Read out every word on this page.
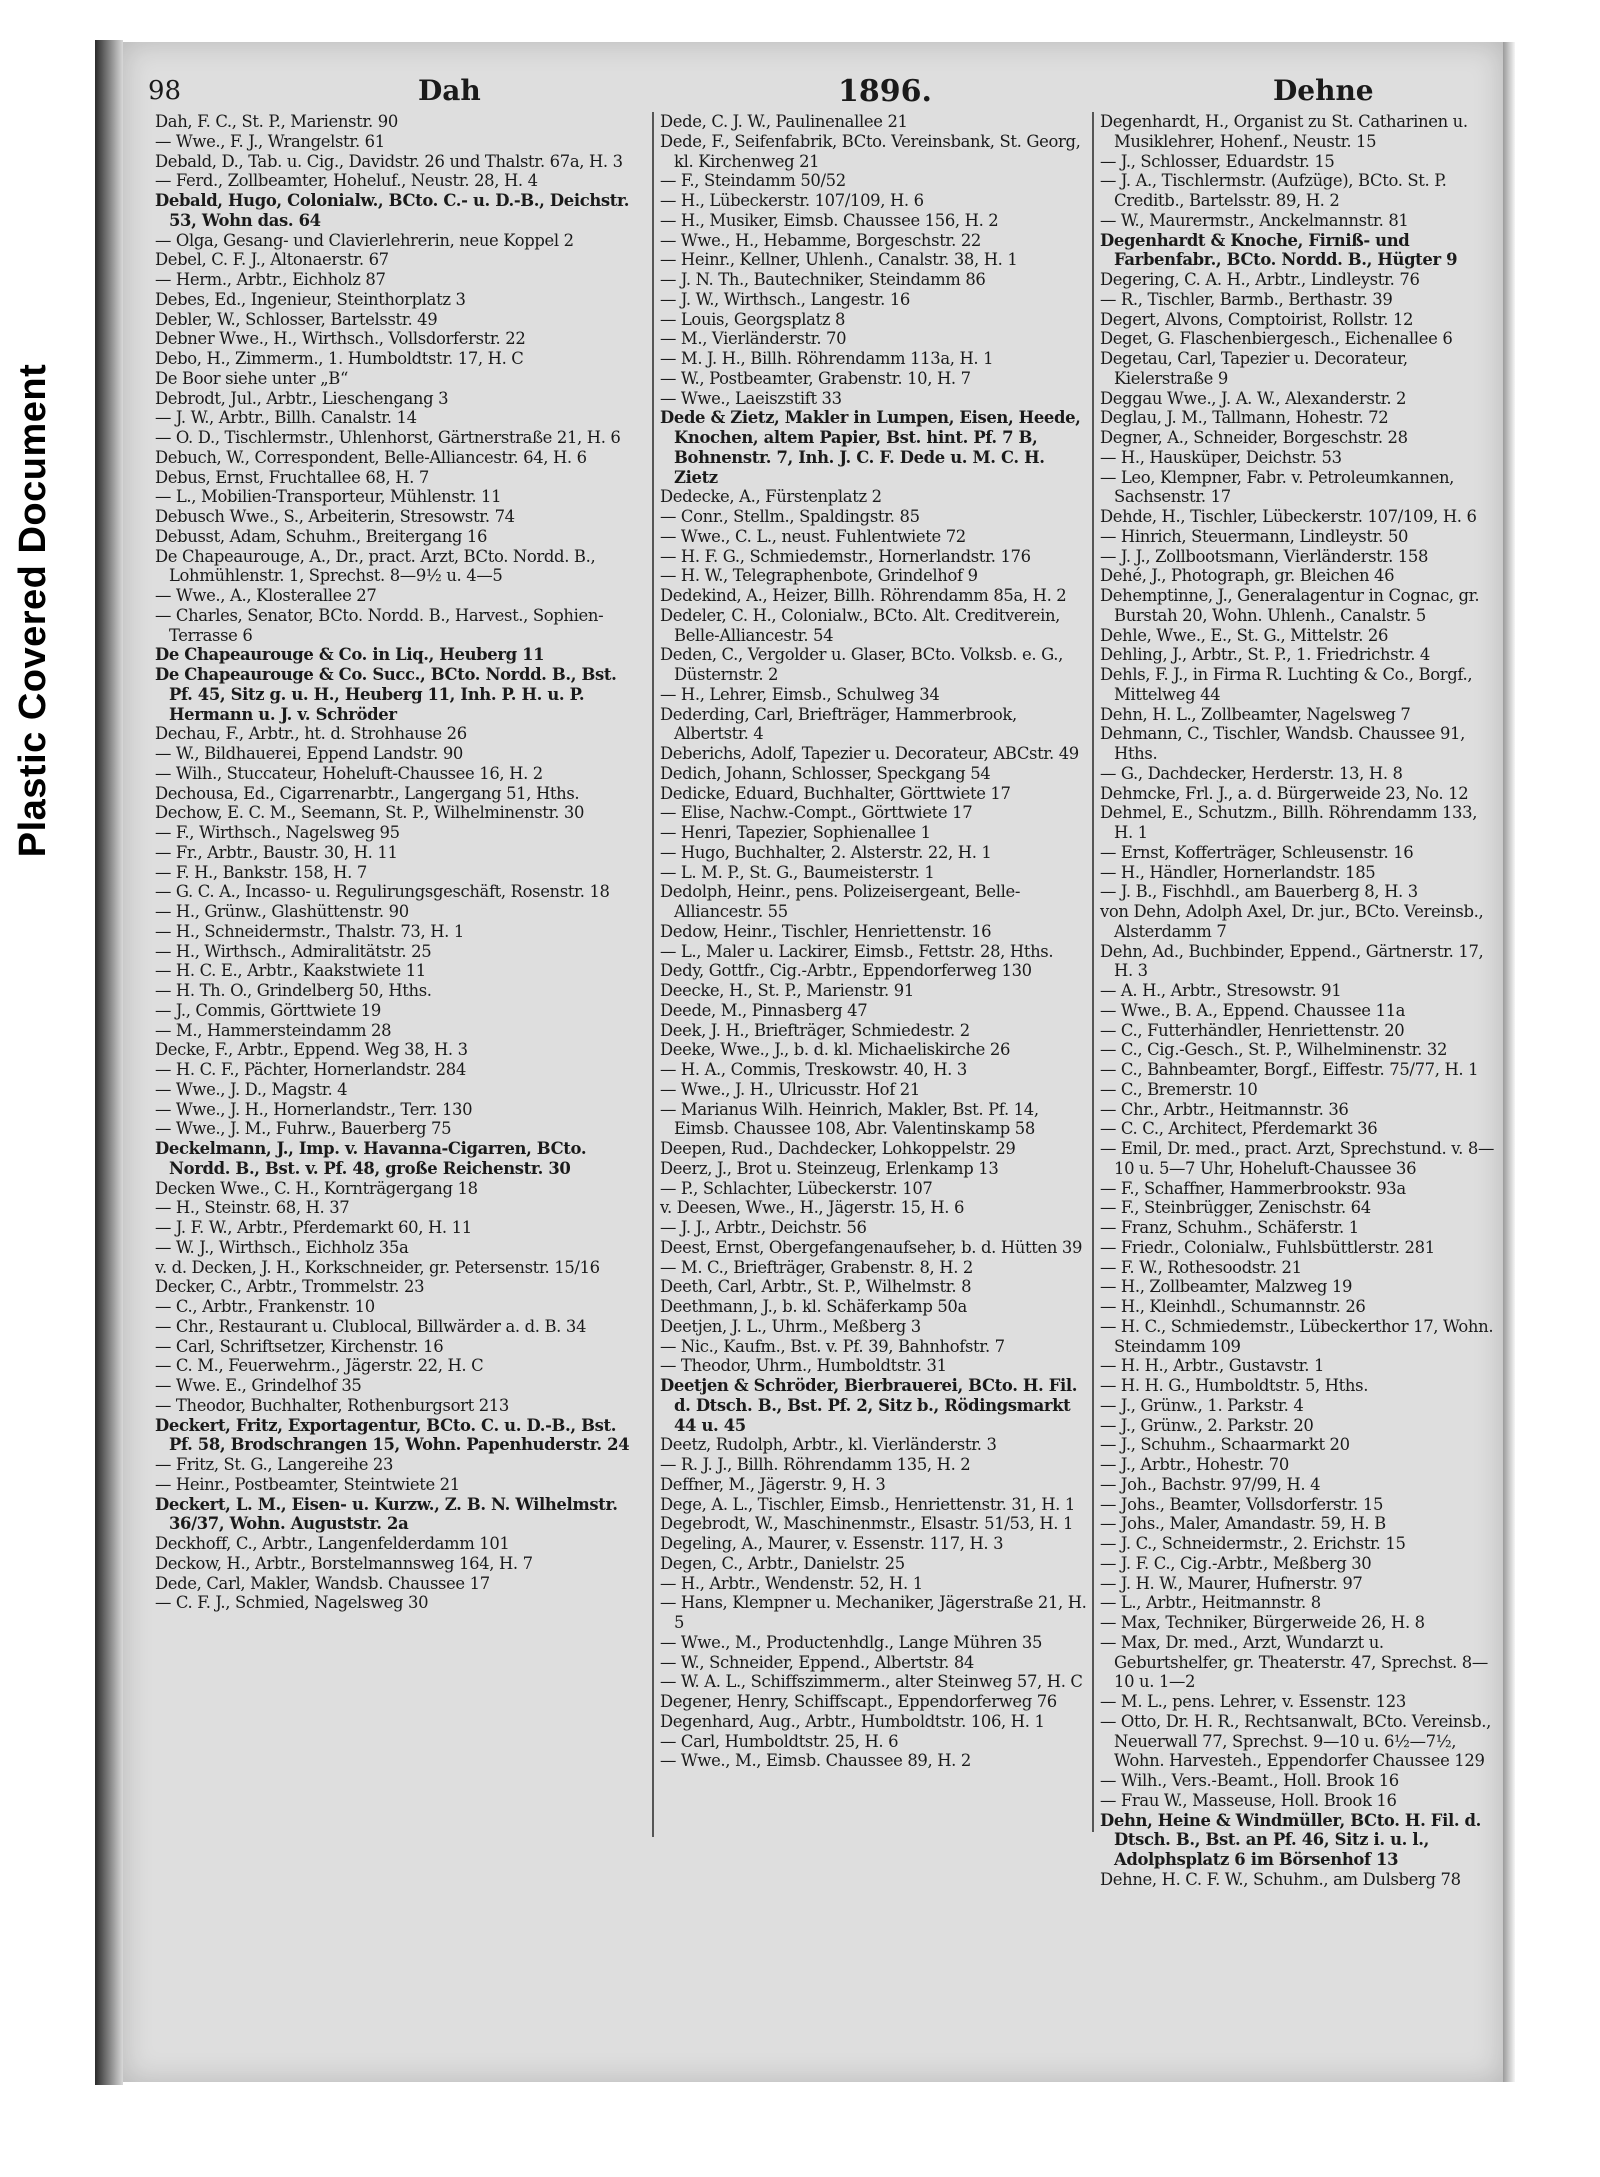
Plastic Covered Document
98	Dah	1896.	Dehne

Dah, F. C., St. P., Marienstr. 90

— Wwe., F. J., Wrangelstr. 61

Debald, D., Tab. u. Cig., Davidstr. 26 und Thalstr. 67a, H. 3

— Ferd., Zollbeamter, Hoheluf., Neustr. 28, H. 4

Debald, Hugo, Colonialw., BCto. C.- u. D.-B., Deichstr. 53, Wohn das. 64

— Olga, Gesang- und Clavierlehrerin, neue Koppel 2

Debel, C. F. J., Altonaerstr. 67

— Herm., Arbtr., Eichholz 87

Debes, Ed., Ingenieur, Steinthorplatz 3

Debler, W., Schlosser, Bartelsstr. 49

Debner Wwe., H., Wirthsch., Vollsdorferstr. 22

Debo, H., Zimmerm., 1. Humboldtstr. 17, H. C

De Boor siehe unter „B“

Debrodt, Jul., Arbtr., Lieschengang 3

— J. W., Arbtr., Billh. Canalstr. 14

— O. D., Tischlermstr., Uhlenhorst, Gärtnerstraße 21, H. 6

Debuch, W., Correspondent, Belle-Alliancestr. 64, H. 6

Debus, Ernst, Fruchtallee 68, H. 7

— L., Mobilien-Transporteur, Mühlenstr. 11

Debusch Wwe., S., Arbeiterin, Stresowstr. 74

Debusst, Adam, Schuhm., Breitergang 16

De Chapeaurouge, A., Dr., pract. Arzt, BCto. Nordd. B., Lohmühlenstr. 1, Sprechst. 8—9½ u. 4—5

— Wwe., A., Klosterallee 27

— Charles, Senator, BCto. Nordd. B., Harvest., Sophien-Terrasse 6

De Chapeaurouge & Co. in Liq., Heuberg 11

De Chapeaurouge & Co. Succ., BCto. Nordd. B., Bst. Pf. 45, Sitz g. u. H., Heuberg 11, Inh. P. H. u. P. Hermann u. J. v. Schröder

Dechau, F., Arbtr., ht. d. Strohhause 26

— W., Bildhauerei, Eppend Landstr. 90

— Wilh., Stuccateur, Hoheluft-Chaussee 16, H. 2

Dechousa, Ed., Cigarrenarbtr., Langergang 51, Hths.

Dechow, E. C. M., Seemann, St. P., Wilhelminenstr. 30

— F., Wirthsch., Nagelsweg 95

— Fr., Arbtr., Baustr. 30, H. 11

— F. H., Bankstr. 158, H. 7

— G. C. A., Incasso- u. Regulirungsgeschäft, Rosenstr. 18

— H., Grünw., Glashüttenstr. 90

— H., Schneidermstr., Thalstr. 73, H. 1

— H., Wirthsch., Admiralitätstr. 25

— H. C. E., Arbtr., Kaakstwiete 11

— H. Th. O., Grindelberg 50, Hths.

— J., Commis, Görttwiete 19

— M., Hammersteindamm 28

Decke, F., Arbtr., Eppend. Weg 38, H. 3

— H. C. F., Pächter, Hornerlandstr. 284

— Wwe., J. D., Magstr. 4

— Wwe., J. H., Hornerlandstr., Terr. 130

— Wwe., J. M., Fuhrw., Bauerberg 75

Deckelmann, J., Imp. v. Havanna-Cigarren, BCto. Nordd. B., Bst. v. Pf. 48, große Reichenstr. 30

Decken Wwe., C. H., Kornträgergang 18

— H., Steinstr. 68, H. 37

— J. F. W., Arbtr., Pferdemarkt 60, H. 11

— W. J., Wirthsch., Eichholz 35a

v. d. Decken, J. H., Korkschneider, gr. Petersenstr. 15/16

Decker, C., Arbtr., Trommelstr. 23

— C., Arbtr., Frankenstr. 10

— Chr., Restaurant u. Clublocal, Billwärder a. d. B. 34

— Carl, Schriftsetzer, Kirchenstr. 16

— C. M., Feuerwehrm., Jägerstr. 22, H. C

— Wwe. E., Grindelhof 35

— Theodor, Buchhalter, Rothenburgsort 213

Deckert, Fritz, Exportagentur, BCto. C. u. D.-B., Bst. Pf. 58, Brodschrangen 15, Wohn. Papenhuderstr. 24

— Fritz, St. G., Langereihe 23

— Heinr., Postbeamter, Steintwiete 21

Deckert, L. M., Eisen- u. Kurzw., Z. B. N. Wilhelmstr. 36/37, Wohn. Auguststr. 2a

Deckhoff, C., Arbtr., Langenfelderdamm 101

Deckow, H., Arbtr., Borstelmannsweg 164, H. 7

Dede, Carl, Makler, Wandsb. Chaussee 17

— C. F. J., Schmied, Nagelsweg 30

Dede, C. J. W., Paulinenallee 21

Dede, F., Seifenfabrik, BCto. Vereinsbank, St. Georg, kl. Kirchenweg 21

— F., Steindamm 50/52

— H., Lübeckerstr. 107/109, H. 6

— H., Musiker, Eimsb. Chaussee 156, H. 2

— Wwe., H., Hebamme, Borgeschstr. 22

— Heinr., Kellner, Uhlenh., Canalstr. 38, H. 1

— J. N. Th., Bautechniker, Steindamm 86

— J. W., Wirthsch., Langestr. 16

— Louis, Georgsplatz 8

— M., Vierländerstr. 70

— M. J. H., Billh. Röhrendamm 113a, H. 1

— W., Postbeamter, Grabenstr. 10, H. 7

— Wwe., Laeiszstift 33

Dede & Zietz, Makler in Lumpen, Eisen, Heede, Knochen, altem Papier, Bst. hint. Pf. 7 B, Bohnenstr. 7, Inh. J. C. F. Dede u. M. C. H. Zietz

Dedecke, A., Fürstenplatz 2

— Conr., Stellm., Spaldingstr. 85

— Wwe., C. L., neust. Fuhlentwiete 72

— H. F. G., Schmiedemstr., Hornerlandstr. 176

— H. W., Telegraphenbote, Grindelhof 9

Dedekind, A., Heizer, Billh. Röhrendamm 85a, H. 2

Dedeler, C. H., Colonialw., BCto. Alt. Creditverein, Belle-Alliancestr. 54

Deden, C., Vergolder u. Glaser, BCto. Volksb. e. G., Düsternstr. 2

— H., Lehrer, Eimsb., Schulweg 34

Dederding, Carl, Briefträger, Hammerbrook, Albertstr. 4

Deberichs, Adolf, Tapezier u. Decorateur, ABCstr. 49

Dedich, Johann, Schlosser, Speckgang 54

Dedicke, Eduard, Buchhalter, Görttwiete 17

— Elise, Nachw.-Compt., Görttwiete 17

— Henri, Tapezier, Sophienallee 1

— Hugo, Buchhalter, 2. Alsterstr. 22, H. 1

— L. M. P., St. G., Baumeisterstr. 1

Dedolph, Heinr., pens. Polizeisergeant, Belle-Alliancestr. 55

Dedow, Heinr., Tischler, Henriettenstr. 16

— L., Maler u. Lackirer, Eimsb., Fettstr. 28, Hths.

Dedy, Gottfr., Cig.-Arbtr., Eppendorferweg 130

Deecke, H., St. P., Marienstr. 91

Deede, M., Pinnasberg 47

Deek, J. H., Briefträger, Schmiedestr. 2

Deeke, Wwe., J., b. d. kl. Michaeliskirche 26

— H. A., Commis, Treskowstr. 40, H. 3

— Wwe., J. H., Ulricusstr. Hof 21

— Marianus Wilh. Heinrich, Makler, Bst. Pf. 14, Eimsb. Chaussee 108, Abr. Valentinskamp 58

Deepen, Rud., Dachdecker, Lohkoppelstr. 29

Deerz, J., Brot u. Steinzeug, Erlenkamp 13

— P., Schlachter, Lübeckerstr. 107

v. Deesen, Wwe., H., Jägerstr. 15, H. 6

— J. J., Arbtr., Deichstr. 56

Deest, Ernst, Obergefangenaufseher, b. d. Hütten 39

— M. C., Briefträger, Grabenstr. 8, H. 2

Deeth, Carl, Arbtr., St. P., Wilhelmstr. 8

Deethmann, J., b. kl. Schäferkamp 50a

Deetjen, J. L., Uhrm., Meßberg 3

— Nic., Kaufm., Bst. v. Pf. 39, Bahnhofstr. 7

— Theodor, Uhrm., Humboldtstr. 31

Deetjen & Schröder, Bierbrauerei, BCto. H. Fil. d. Dtsch. B., Bst. Pf. 2, Sitz b., Rödingsmarkt 44 u. 45

Deetz, Rudolph, Arbtr., kl. Vierländerstr. 3

— R. J. J., Billh. Röhrendamm 135, H. 2

Deffner, M., Jägerstr. 9, H. 3

Dege, A. L., Tischler, Eimsb., Henriettenstr. 31, H. 1

Degebrodt, W., Maschinenmstr., Elsastr. 51/53, H. 1

Degeling, A., Maurer, v. Essenstr. 117, H. 3

Degen, C., Arbtr., Danielstr. 25

— H., Arbtr., Wendenstr. 52, H. 1

— Hans, Klempner u. Mechaniker, Jägerstraße 21, H. 5

— Wwe., M., Productenhdlg., Lange Mühren 35

— W., Schneider, Eppend., Albertstr. 84

— W. A. L., Schiffszimmerm., alter Steinweg 57, H. C

Degener, Henry, Schiffscapt., Eppendorferweg 76

Degenhard, Aug., Arbtr., Humboldtstr. 106, H. 1

— Carl, Humboldtstr. 25, H. 6

— Wwe., M., Eimsb. Chaussee 89, H. 2

Degenhardt, H., Organist zu St. Catharinen u. Musiklehrer, Hohenf., Neustr. 15

— J., Schlosser, Eduardstr. 15

— J. A., Tischlermstr. (Aufzüge), BCto. St. P. Creditb., Bartelsstr. 89, H. 2

— W., Maurermstr., Anckelmannstr. 81

Degenhardt & Knoche, Firniß- und Farbenfabr., BCto. Nordd. B., Hügter 9

Degering, C. A. H., Arbtr., Lindleystr. 76

— R., Tischler, Barmb., Berthastr. 39

Degert, Alvons, Comptoirist, Rollstr. 12

Deget, G. Flaschenbiergesch., Eichenallee 6

Degetau, Carl, Tapezier u. Decorateur, Kielerstraße 9

Deggau Wwe., J. A. W., Alexanderstr. 2

Deglau, J. M., Tallmann, Hohestr. 72

Degner, A., Schneider, Borgeschstr. 28

— H., Hausküper, Deichstr. 53

— Leo, Klempner, Fabr. v. Petroleumkannen, Sachsenstr. 17

Dehde, H., Tischler, Lübeckerstr. 107/109, H. 6

— Hinrich, Steuermann, Lindleystr. 50

— J. J., Zollbootsmann, Vierländerstr. 158

Dehé, J., Photograph, gr. Bleichen 46

Dehemptinne, J., Generalagentur in Cognac, gr. Burstah 20, Wohn. Uhlenh., Canalstr. 5

Dehle, Wwe., E., St. G., Mittelstr. 26

Dehling, J., Arbtr., St. P., 1. Friedrichstr. 4

Dehls, F. J., in Firma R. Luchting & Co., Borgf., Mittelweg 44

Dehn, H. L., Zollbeamter, Nagelsweg 7

Dehmann, C., Tischler, Wandsb. Chaussee 91, Hths.

— G., Dachdecker, Herderstr. 13, H. 8

Dehmcke, Frl. J., a. d. Bürgerweide 23, No. 12

Dehmel, E., Schutzm., Billh. Röhrendamm 133, H. 1

— Ernst, Kofferträger, Schleusenstr. 16

— H., Händler, Hornerlandstr. 185

— J. B., Fischhdl., am Bauerberg 8, H. 3

von Dehn, Adolph Axel, Dr. jur., BCto. Vereinsb., Alsterdamm 7

Dehn, Ad., Buchbinder, Eppend., Gärtnerstr. 17, H. 3

— A. H., Arbtr., Stresowstr. 91

— Wwe., B. A., Eppend. Chaussee 11a

— C., Futterhändler, Henriettenstr. 20

— C., Cig.-Gesch., St. P., Wilhelminenstr. 32

— C., Bahnbeamter, Borgf., Eiffestr. 75/77, H. 1

— C., Bremerstr. 10

— Chr., Arbtr., Heitmannstr. 36

— C. C., Architect, Pferdemarkt 36

— Emil, Dr. med., pract. Arzt, Sprechstund. v. 8—10 u. 5—7 Uhr, Hoheluft-Chaussee 36

— F., Schaffner, Hammerbrookstr. 93a

— F., Steinbrügger, Zenischstr. 64

— Franz, Schuhm., Schäferstr. 1

— Friedr., Colonialw., Fuhlsbüttlerstr. 281

— F. W., Rothesoodstr. 21

— H., Zollbeamter, Malzweg 19

— H., Kleinhdl., Schumannstr. 26

— H. C., Schmiedemstr., Lübeckerthor 17, Wohn. Steindamm 109

— H. H., Arbtr., Gustavstr. 1

— H. H. G., Humboldtstr. 5, Hths.

— J., Grünw., 1. Parkstr. 4

— J., Grünw., 2. Parkstr. 20

— J., Schuhm., Schaarmarkt 20

— J., Arbtr., Hohestr. 70

— Joh., Bachstr. 97/99, H. 4

— Johs., Beamter, Vollsdorferstr. 15

— Johs., Maler, Amandastr. 59, H. B

— J. C., Schneidermstr., 2. Erichstr. 15

— J. F. C., Cig.-Arbtr., Meßberg 30

— J. H. W., Maurer, Hufnerstr. 97

— L., Arbtr., Heitmannstr. 8

— Max, Techniker, Bürgerweide 26, H. 8

— Max, Dr. med., Arzt, Wundarzt u. Geburtshelfer, gr. Theaterstr. 47, Sprechst. 8—10 u. 1—2

— M. L., pens. Lehrer, v. Essenstr. 123

— Otto, Dr. H. R., Rechtsanwalt, BCto. Vereinsb., Neuerwall 77, Sprechst. 9—10 u. 6½—7½, Wohn. Harvesteh., Eppendorfer Chaussee 129

— Wilh., Vers.-Beamt., Holl. Brook 16

— Frau W., Masseuse, Holl. Brook 16

Dehn, Heine & Windmüller, BCto. H. Fil. d. Dtsch. B., Bst. an Pf. 46, Sitz i. u. l., Adolphsplatz 6 im Börsenhof 13

Dehne, H. C. F. W., Schuhm., am Dulsberg 78
